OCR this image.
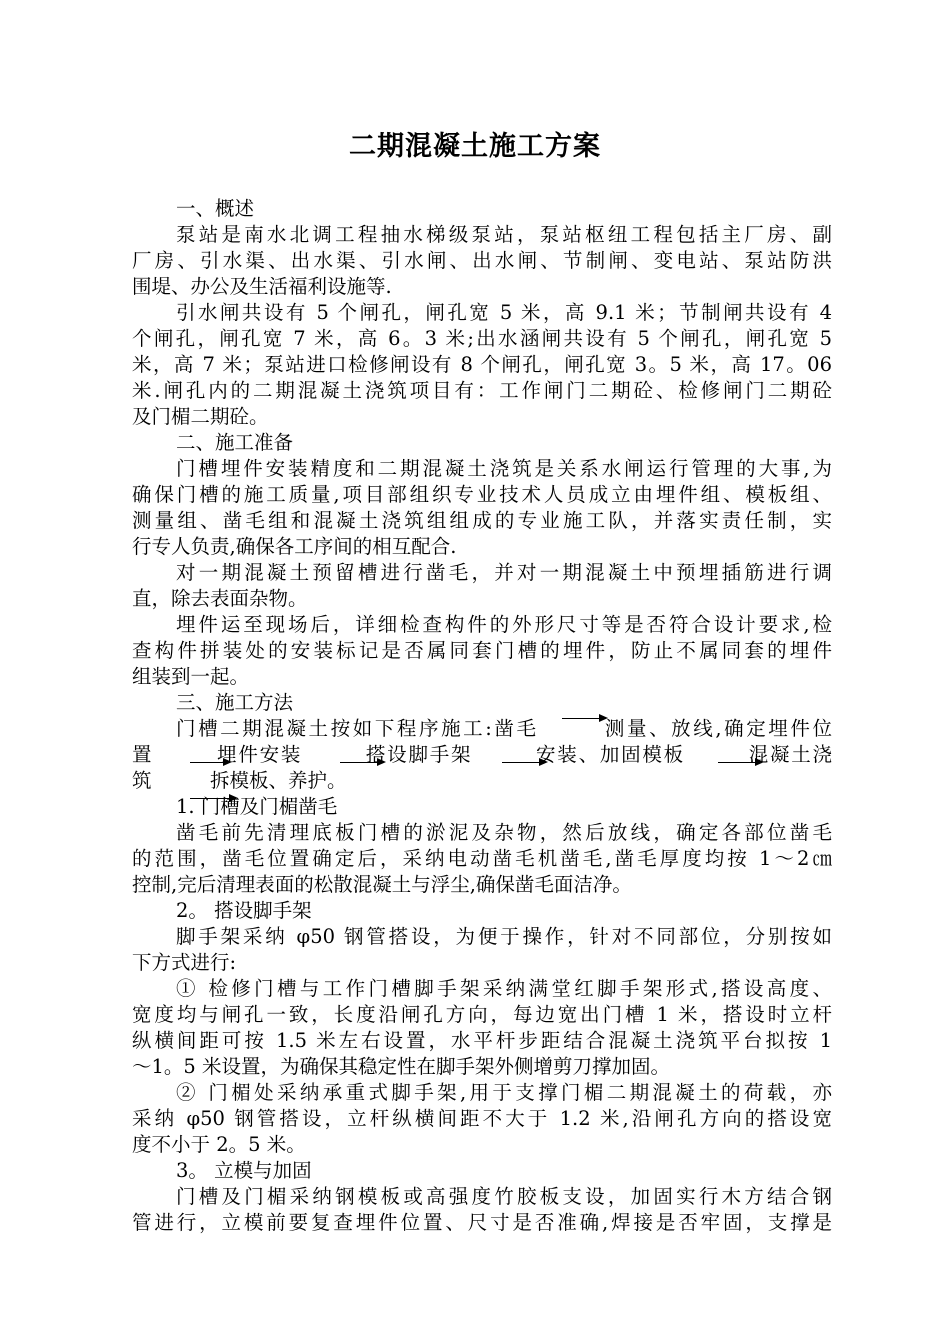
二期混凝土施工方案
一、概述
泵站是南水北调工程抽水梯级泵站，泵站枢纽工程包括主厂房、副
厂房、引水渠、出水渠、引水闸、出水闸、节制闸、变电站、泵站防洪
围堤、办公及生活福利设施等.
引水闸共设有 5 个闸孔，闸孔宽 5 米，高 9.1 米；节制闸共设有 4
个闸孔，闸孔宽 7 米，高 6。3 米;出水涵闸共设有 5 个闸孔，闸孔宽 5
米，高 7 米；泵站进口检修闸设有 8 个闸孔，闸孔宽 3。5 米，高 17。06
米.闸孔内的二期混凝土浇筑项目有：工作闸门二期砼、检修闸门二期砼
及门楣二期砼。
二、施工准备
门槽埋件安装精度和二期混凝土浇筑是关系水闸运行管理的大事,为
确保门槽的施工质量,项目部组织专业技术人员成立由埋件组、模板组、
测量组、凿毛组和混凝土浇筑组组成的专业施工队，并落实责任制，实
行专人负责,确保各工序间的相互配合.
对一期混凝土预留槽进行凿毛，并对一期混凝土中预埋插筋进行调
直，除去表面杂物。
埋件运至现场后，详细检查构件的外形尺寸等是否符合设计要求,检
查构件拼装处的安装标记是否属同套门槽的埋件，防止不属同套的埋件
组装到一起。
三、施工方法
门槽二期混凝土按如下程序施工:凿毛　　　测量、放线,确定埋件位
置　　　埋件安装　　　搭设脚手架　　　安装、加固模板　　　混凝土浇
筑　　　拆模板、养护。
1. 门槽及门楣凿毛
凿毛前先清理底板门槽的淤泥及杂物，然后放线，确定各部位凿毛
的范围，凿毛位置确定后，采纳电动凿毛机凿毛,凿毛厚度均按 1～2㎝
控制,完后清理表面的松散混凝土与浮尘,确保凿毛面洁净。
2。 搭设脚手架
脚手架采纳 φ50 钢管搭设，为便于操作，针对不同部位，分别按如
下方式进行:
① 检修门槽与工作门槽脚手架采纳满堂红脚手架形式,搭设高度、
宽度均与闸孔一致，长度沿闸孔方向，每边宽出门槽 1 米，搭设时立杆
纵横间距可按 1.5 米左右设置，水平杆步距结合混凝土浇筑平台拟按 1
～1。5 米设置，为确保其稳定性在脚手架外侧增剪刀撑加固。
② 门楣处采纳承重式脚手架,用于支撑门楣二期混凝土的荷载，亦
采纳 φ50 钢管搭设，立杆纵横间距不大于 1.2 米,沿闸孔方向的搭设宽
度不小于 2。5 米。
3。 立模与加固
门槽及门楣采纳钢模板或高强度竹胶板支设，加固实行木方结合钢
管进行，立模前要复查埋件位置、尺寸是否准确,焊接是否牢固，支撑是
